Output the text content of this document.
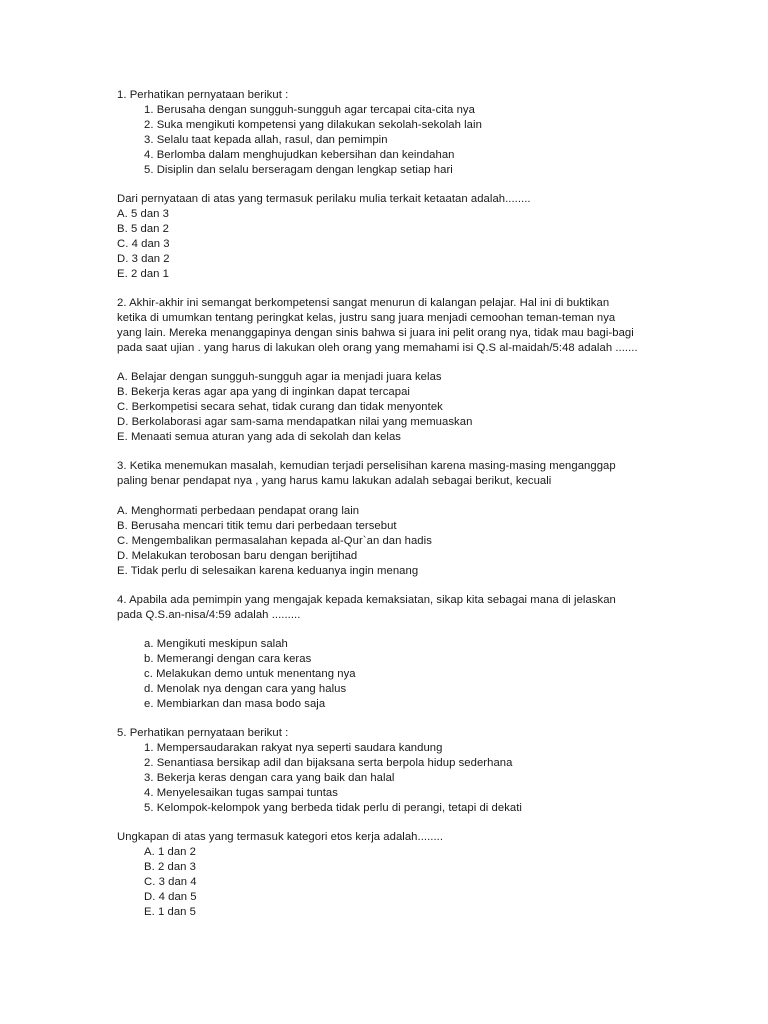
1. Perhatikan pernyataan berikut :
1. Berusaha dengan sungguh-sungguh agar tercapai cita-cita nya
2. Suka mengikuti kompetensi yang dilakukan sekolah-sekolah lain
3. Selalu taat kepada allah, rasul, dan pemimpin
4. Berlomba dalam menghujudkan kebersihan dan keindahan
5. Disiplin dan selalu berseragam dengan lengkap setiap hari
Dari pernyataan di atas yang termasuk perilaku mulia terkait ketaatan adalah........
A. 5 dan 3
B. 5 dan 2
C. 4 dan 3
D. 3 dan 2
E. 2 dan 1
2. Akhir-akhir ini semangat berkompetensi sangat menurun di kalangan pelajar. Hal ini di buktikan
ketika di umumkan tentang peringkat kelas, justru sang juara menjadi cemoohan teman-teman nya
yang lain. Mereka menanggapinya dengan sinis bahwa si juara ini pelit orang nya, tidak mau bagi-bagi
pada saat ujian . yang harus di lakukan oleh orang yang memahami isi Q.S al-maidah/5:48 adalah .......
A. Belajar dengan sungguh-sungguh agar ia menjadi juara kelas
B. Bekerja keras agar apa yang di inginkan dapat tercapai
C. Berkompetisi secara sehat, tidak curang dan tidak menyontek
D. Berkolaborasi agar sam-sama mendapatkan nilai yang memuaskan
E. Menaati semua aturan yang ada di sekolah dan kelas
3. Ketika menemukan masalah, kemudian terjadi perselisihan karena masing-masing menganggap
paling benar pendapat nya , yang harus kamu lakukan adalah sebagai berikut, kecuali
A. Menghormati perbedaan pendapat orang lain
B. Berusaha mencari titik temu dari perbedaan tersebut
C. Mengembalikan permasalahan kepada al-Qur`an dan hadis
D. Melakukan terobosan baru dengan berijtihad
E. Tidak perlu di selesaikan karena keduanya ingin menang
4. Apabila ada pemimpin yang mengajak kepada kemaksiatan, sikap kita sebagai mana di jelaskan
pada Q.S.an-nisa/4:59 adalah .........
a. Mengikuti meskipun salah
b. Memerangi dengan cara keras
c. Melakukan demo untuk menentang nya
d. Menolak nya dengan cara yang halus
e. Membiarkan dan masa bodo saja
5. Perhatikan pernyataan berikut :
1. Mempersaudarakan rakyat nya seperti saudara kandung
2. Senantiasa bersikap adil dan bijaksana serta berpola hidup sederhana
3. Bekerja keras dengan cara yang baik dan halal
4. Menyelesaikan tugas sampai tuntas
5. Kelompok-kelompok yang berbeda tidak perlu di perangi, tetapi di dekati
Ungkapan di atas yang termasuk kategori etos kerja adalah........
A. 1 dan 2
B. 2 dan 3
C. 3 dan 4
D. 4 dan 5
E. 1 dan 5
